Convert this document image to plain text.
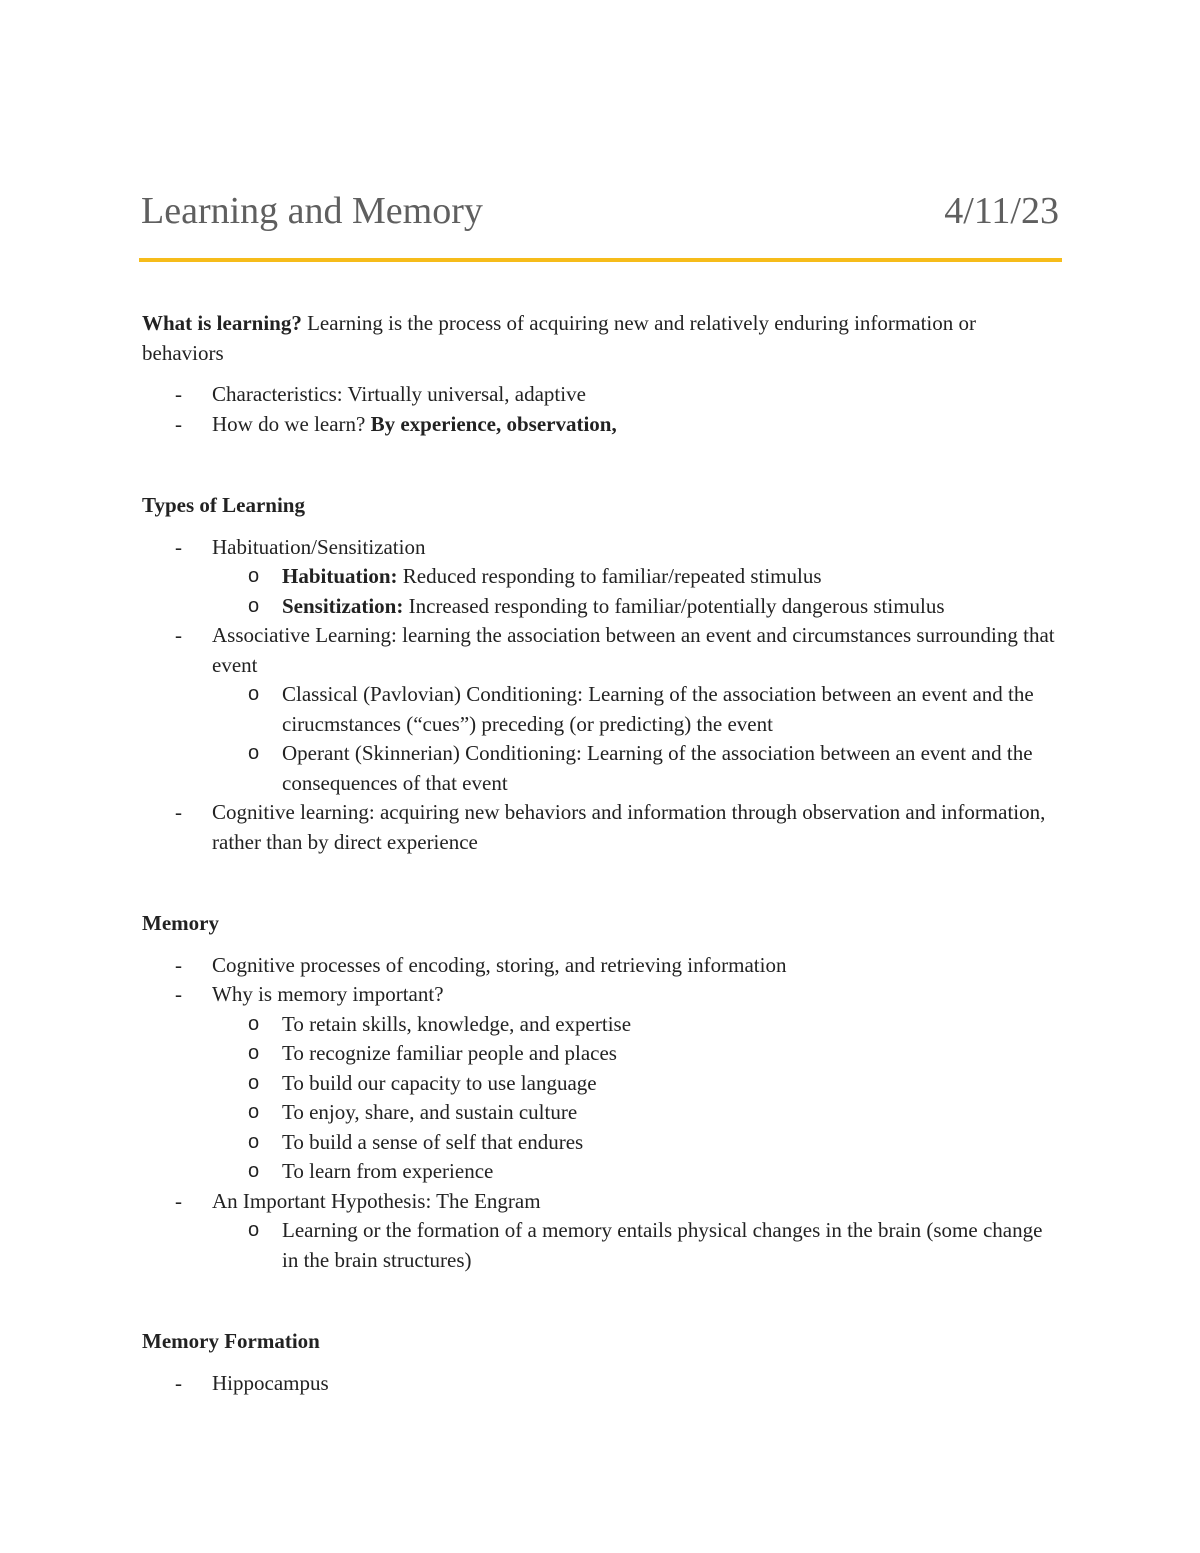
Learning and Memory	4/11/23

What is learning? Learning is the process of acquiring new and relatively enduring information or behaviors

- Characteristics: Virtually universal, adaptive
- How do we learn? By experience, observation,

Types of Learning

- Habituation/Sensitization
o Habituation: Reduced responding to familiar/repeated stimulus
o Sensitization: Increased responding to familiar/potentially dangerous stimulus
- Associative Learning: learning the association between an event and circumstances surrounding that event
o Classical (Pavlovian) Conditioning: Learning of the association between an event and the cirucmstances (“cues”) preceding (or predicting) the event
o Operant (Skinnerian) Conditioning: Learning of the association between an event and the consequences of that event
- Cognitive learning: acquiring new behaviors and information through observation and information, rather than by direct experience

Memory

- Cognitive processes of encoding, storing, and retrieving information
- Why is memory important?
o To retain skills, knowledge, and expertise
o To recognize familiar people and places
o To build our capacity to use language
o To enjoy, share, and sustain culture
o To build a sense of self that endures
o To learn from experience
- An Important Hypothesis: The Engram
o Learning or the formation of a memory entails physical changes in the brain (some change in the brain structures)

Memory Formation

- Hippocampus
